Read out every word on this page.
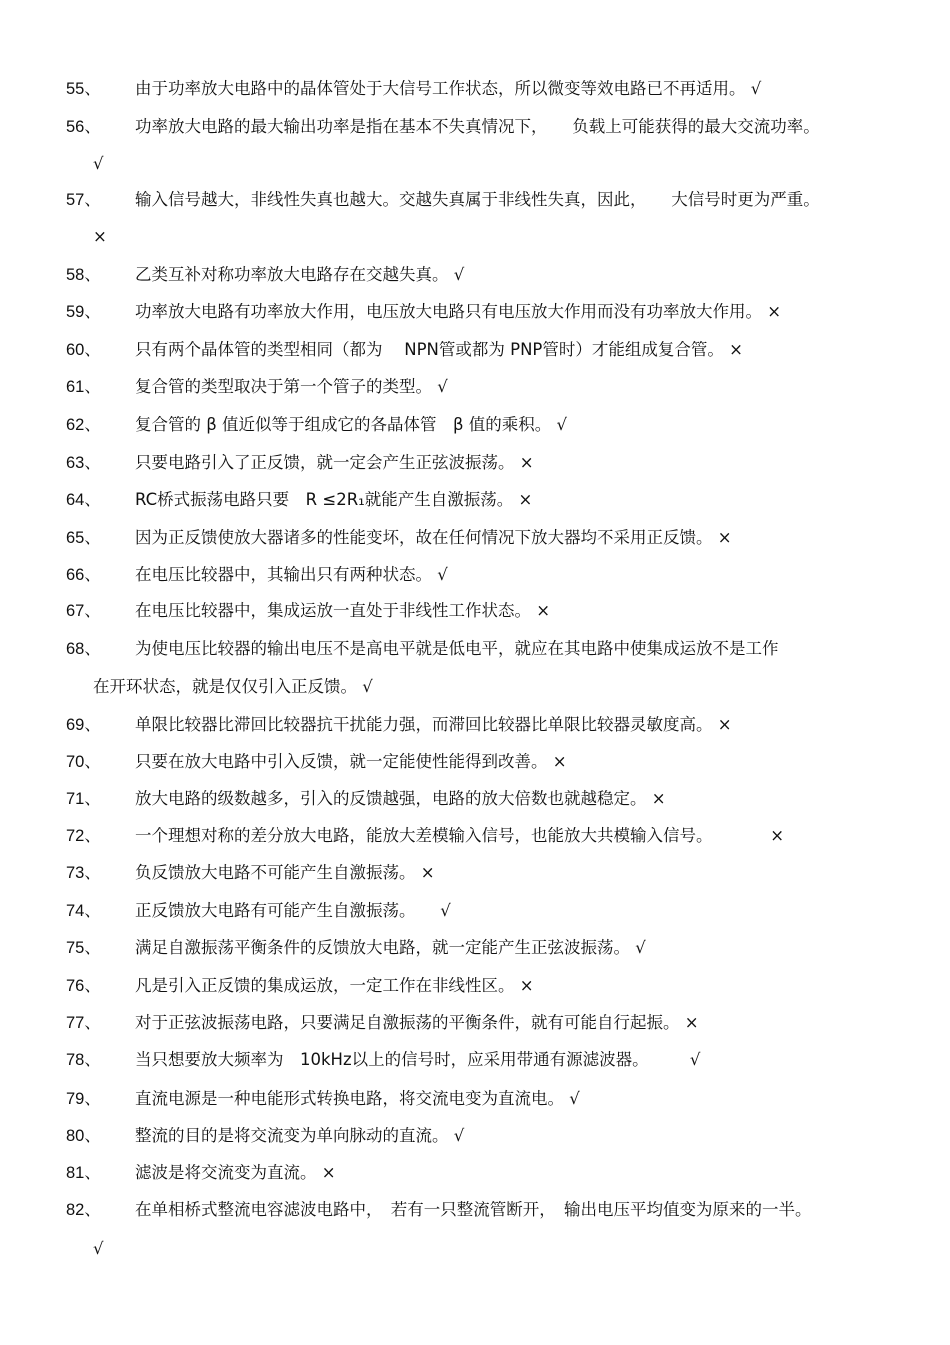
55、 由于功率放大电路中的晶体管处于大信号工作状态，所以微变等效电路已不再适用。 √
56、 功率放大电路的最大输出功率是指在基本不失真情况下，　　负载上可能获得的最大交流功率。
√
57、 输入信号越大，非线性失真也越大。交越失真属于非线性失真，因此，　　大信号时更为严重。
×
58、 乙类互补对称功率放大电路存在交越失真。 √
59、 功率放大电路有功率放大作用，电压放大电路只有电压放大作用而没有功率放大作用。 ×
60、 只有两个晶体管的类型相同（都为　 NPN管或都为 PNP管时）才能组成复合管。 ×
61、 复合管的类型取决于第一个管子的类型。 √
62、 复合管的 β 值近似等于组成它的各晶体管　β 值的乘积。 √
63、 只要电路引入了正反馈，就一定会产生正弦波振荡。 ×
64、 RC桥式振荡电路只要　R ≤2R₁就能产生自激振荡。 ×
65、 因为正反馈使放大器诸多的性能变坏，故在任何情况下放大器均不采用正反馈。 ×
66、 在电压比较器中，其输出只有两种状态。 √
67、 在电压比较器中，集成运放一直处于非线性工作状态。 ×
68、 为使电压比较器的输出电压不是高电平就是低电平，就应在其电路中使集成运放不是工作
在开环状态，就是仅仅引入正反馈。 √
69、 单限比较器比滞回比较器抗干扰能力强，而滞回比较器比单限比较器灵敏度高。 ×
70、 只要在放大电路中引入反馈，就一定能使性能得到改善。 ×
71、 放大电路的级数越多，引入的反馈越强，电路的放大倍数也就越稳定。 ×
72、 一个理想对称的差分放大电路，能放大差模输入信号，也能放大共模输入信号。　　　　×
73、 负反馈放大电路不可能产生自激振荡。 ×
74、 正反馈放大电路有可能产生自激振荡。　　√
75、 满足自激振荡平衡条件的反馈放大电路，就一定能产生正弦波振荡。 √
76、 凡是引入正反馈的集成运放，一定工作在非线性区。 ×
77、 对于正弦波振荡电路，只要满足自激振荡的平衡条件，就有可能自行起振。 ×
78、 当只想要放大频率为　10kHz以上的信号时，应采用带通有源滤波器。　　　√
79、 直流电源是一种电能形式转换电路，将交流电变为直流电。 √
80、 整流的目的是将交流变为单向脉动的直流。 √
81、 滤波是将交流变为直流。 ×
82、 在单相桥式整流电容滤波电路中，　若有一只整流管断开，　输出电压平均值变为原来的一半。
√
